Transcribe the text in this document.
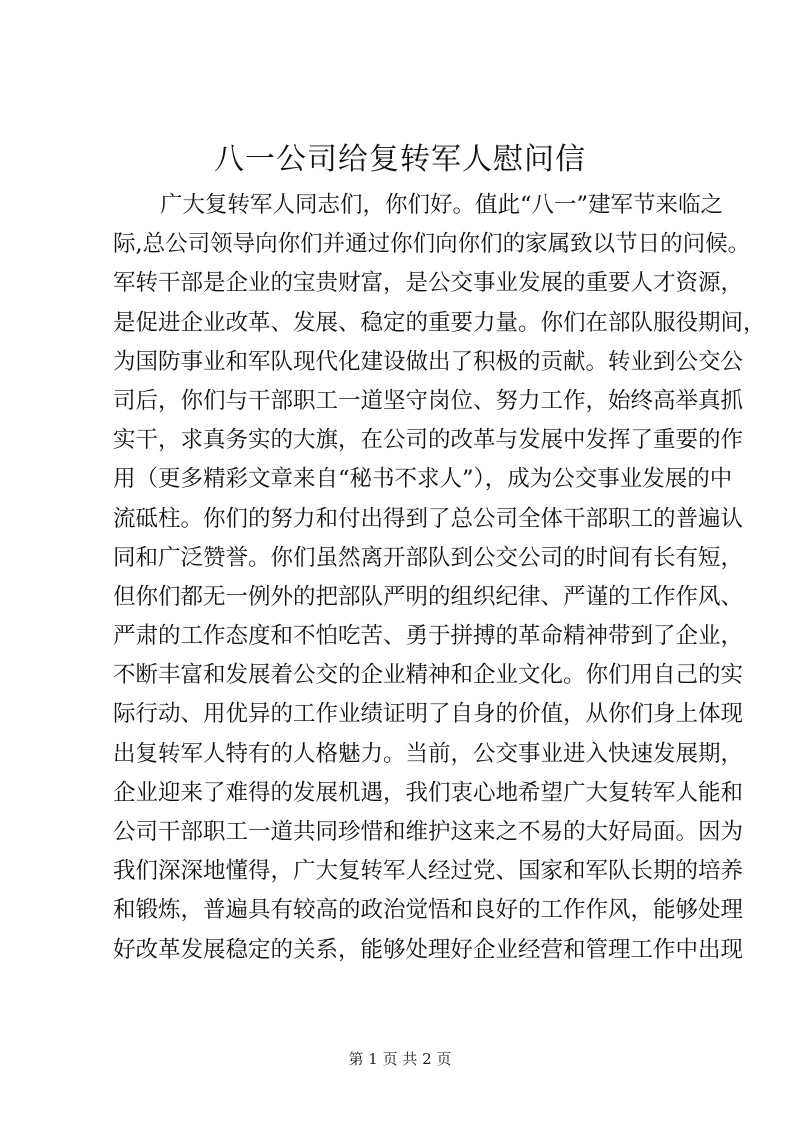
八一公司给复转军人慰问信
广大复转军人同志们，你们好。值此“八一”建军节来临之
际,总公司领导向你们并通过你们向你们的家属致以节日的问候。
军转干部是企业的宝贵财富，是公交事业发展的重要人才资源，
是促进企业改革、发展、稳定的重要力量。你们在部队服役期间，
为国防事业和军队现代化建设做出了积极的贡献。转业到公交公
司后，你们与干部职工一道坚守岗位、努力工作，始终高举真抓
实干，求真务实的大旗，在公司的改革与发展中发挥了重要的作
用（更多精彩文章来自“秘书不求人”），成为公交事业发展的中
流砥柱。你们的努力和付出得到了总公司全体干部职工的普遍认
同和广泛赞誉。你们虽然离开部队到公交公司的时间有长有短，
但你们都无一例外的把部队严明的组织纪律、严谨的工作作风、
严肃的工作态度和不怕吃苦、勇于拼搏的革命精神带到了企业，
不断丰富和发展着公交的企业精神和企业文化。你们用自己的实
际行动、用优异的工作业绩证明了自身的价值，从你们身上体现
出复转军人特有的人格魅力。当前，公交事业进入快速发展期，
企业迎来了难得的发展机遇，我们衷心地希望广大复转军人能和
公司干部职工一道共同珍惜和维护这来之不易的大好局面。因为
我们深深地懂得，广大复转军人经过党、国家和军队长期的培养
和锻炼，普遍具有较高的政治觉悟和良好的工作作风，能够处理
好改革发展稳定的关系，能够处理好企业经营和管理工作中出现
第 1 页 共 2 页
